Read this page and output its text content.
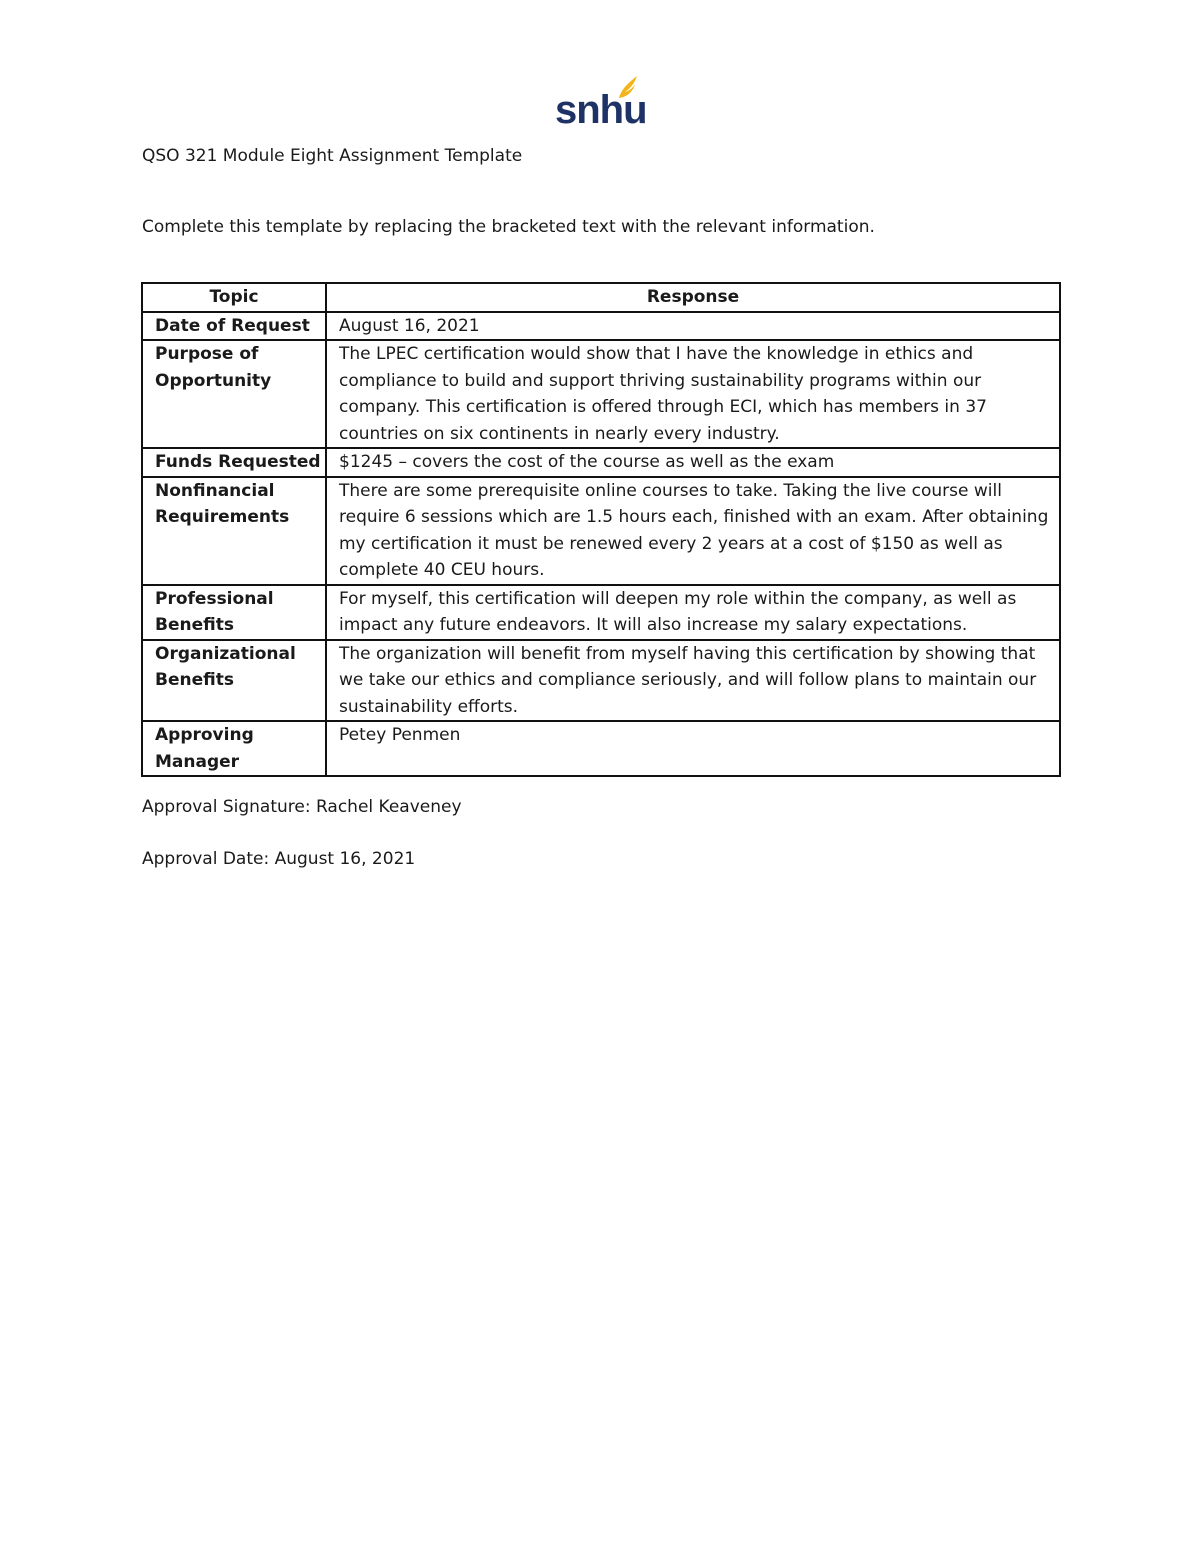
snhu
QSO 321 Module Eight Assignment Template
Complete this template by replacing the bracketed text with the relevant information.
Topic	Response
Date of Request	August 16, 2021
Purpose of Opportunity	The LPEC certification would show that I have the knowledge in ethics and compliance to build and support thriving sustainability programs within our company. This certification is offered through ECI, which has members in 37 countries on six continents in nearly every industry.
Funds Requested	$1245 – covers the cost of the course as well as the exam
Nonfinancial Requirements	There are some prerequisite online courses to take. Taking the live course will require 6 sessions which are 1.5 hours each, finished with an exam. After obtaining my certification it must be renewed every 2 years at a cost of $150 as well as complete 40 CEU hours.
Professional Benefits	For myself, this certification will deepen my role within the company, as well as impact any future endeavors. It will also increase my salary expectations.
Organizational Benefits	The organization will benefit from myself having this certification by showing that we take our ethics and compliance seriously, and will follow plans to maintain our sustainability efforts.
Approving Manager	Petey Penmen
Approval Signature: Rachel Keaveney
Approval Date: August 16, 2021
